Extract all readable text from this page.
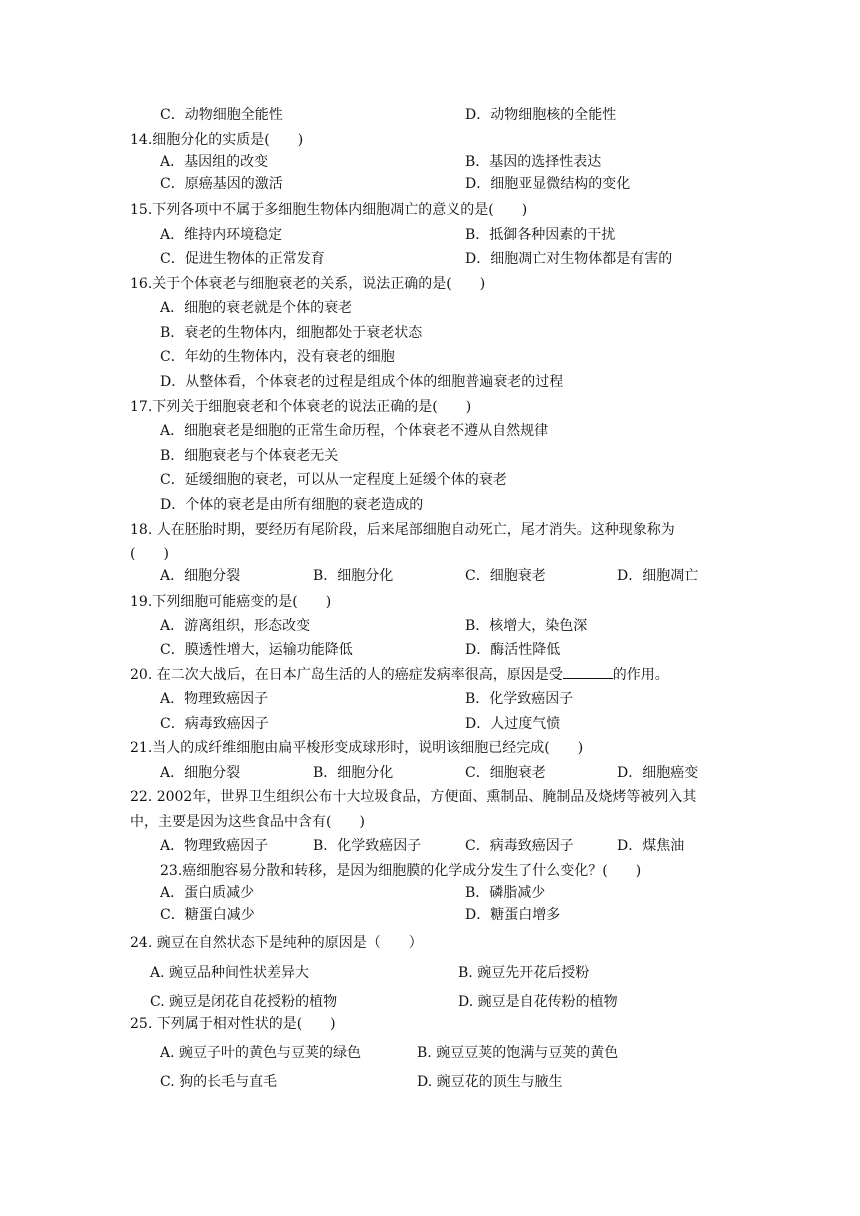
C．动物细胞全能性	D．动物细胞核的全能性
14.细胞分化的实质是(　　)
A．基因组的改变	B．基因的选择性表达
C．原癌基因的激活	D．细胞亚显微结构的变化
15.下列各项中不属于多细胞生物体内细胞凋亡的意义的是(　　)
A．维持内环境稳定	B．抵御各种因素的干扰
C．促进生物体的正常发育	D．细胞凋亡对生物体都是有害的
16.关于个体衰老与细胞衰老的关系，说法正确的是(　　)
A．细胞的衰老就是个体的衰老
B．衰老的生物体内，细胞都处于衰老状态
C．年幼的生物体内，没有衰老的细胞
D．从整体看，个体衰老的过程是组成个体的细胞普遍衰老的过程
17.下列关于细胞衰老和个体衰老的说法正确的是(　　)
A．细胞衰老是细胞的正常生命历程，个体衰老不遵从自然规律
B．细胞衰老与个体衰老无关
C．延缓细胞的衰老，可以从一定程度上延缓个体的衰老
D．个体的衰老是由所有细胞的衰老造成的
18. 人在胚胎时期，要经历有尾阶段，后来尾部细胞自动死亡，尾才消失。这种现象称为
(　　)
A．细胞分裂	B．细胞分化	C．细胞衰老	D．细胞凋亡
19.下列细胞可能癌变的是(　　)
A．游离组织，形态改变	B．核增大，染色深
C．膜透性增大，运输功能降低	D．酶活性降低
20. 在二次大战后，在日本广岛生活的人的癌症发病率很高，原因是受	的作用。
A．物理致癌因子	B．化学致癌因子
C．病毒致癌因子	D．人过度气愤
21.当人的成纤维细胞由扁平梭形变成球形时，说明该细胞已经完成(　　)
A．细胞分裂	B．细胞分化	C．细胞衰老	D．细胞癌变
22. 2002年，世界卫生组织公布十大垃圾食品，方便面、熏制品、腌制品及烧烤等被列入其
中，主要是因为这些食品中含有(　　)
A．物理致癌因子	B．化学致癌因子	C．病毒致癌因子	D．煤焦油
23.癌细胞容易分散和转移，是因为细胞膜的化学成分发生了什么变化？(　　)
A．蛋白质减少	B．磷脂减少
C．糖蛋白减少	D．糖蛋白增多
24. 豌豆在自然状态下是纯种的原因是（　　）
A. 豌豆品种间性状差异大	B. 豌豆先开花后授粉
C. 豌豆是闭花自花授粉的植物	D. 豌豆是自花传粉的植物
25. 下列属于相对性状的是(　　)
A. 豌豆子叶的黄色与豆荚的绿色	B. 豌豆豆荚的饱满与豆荚的黄色
C. 狗的长毛与直毛	D. 豌豆花的顶生与腋生
